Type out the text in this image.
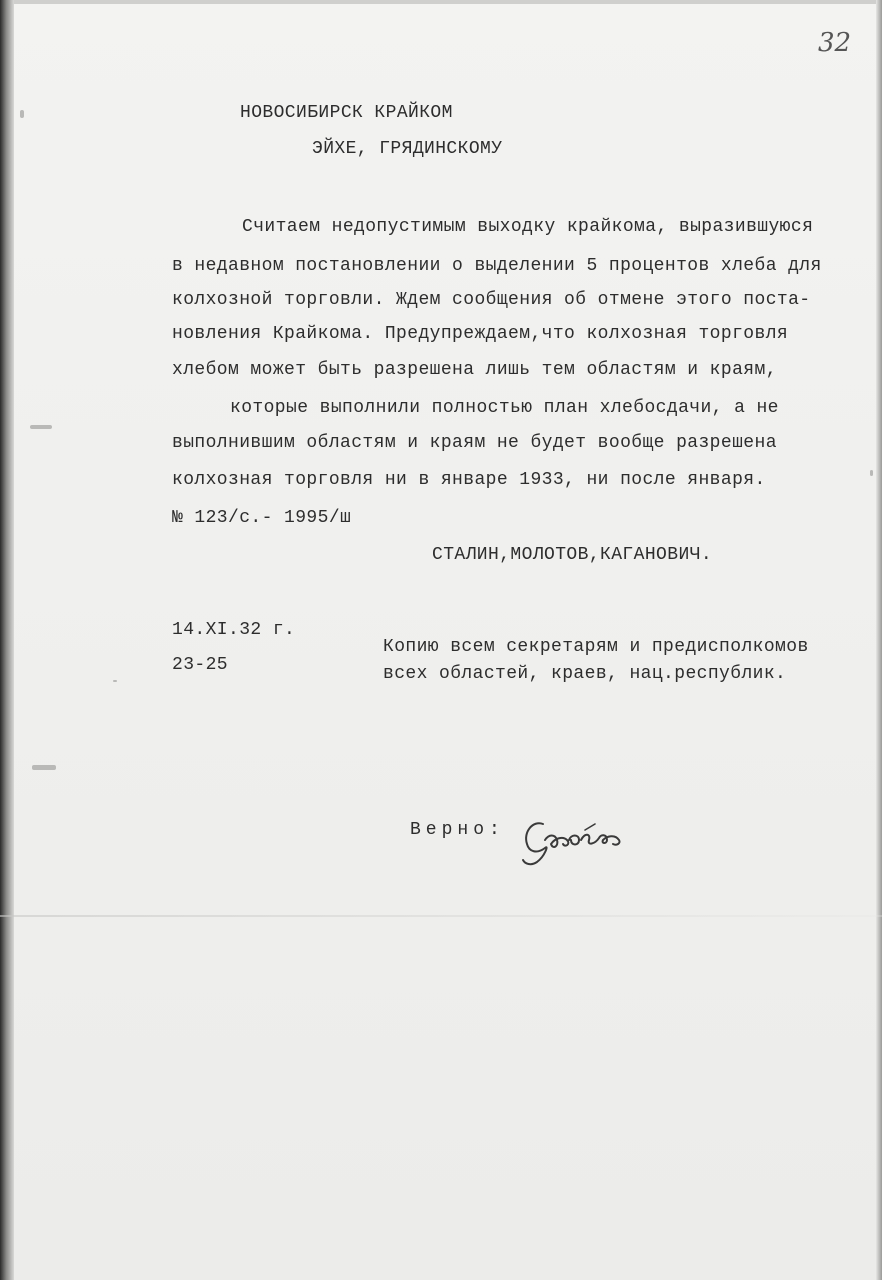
32

НОВОСИБИРСК КРАЙКОМ

ЭЙХЕ, ГРЯДИНСКОМУ

Считаем недопустимым выходку крайкома, выразившуюся

в недавном постановлении о выделении 5 процентов хлеба для

колхозной торговли. Ждем сообщения об отмене этого поста-

новления Крайкома. Предупреждаем,что колхозная торговля

хлебом может быть разрешена лишь тем областям и краям,

которые выполнили полностью план хлебосдачи, а не

выполнившим областям и краям не будет вообще разрешена

колхозная торговля ни в январе 1933, ни после января.

№ 123/с.- 1995/ш

СТАЛИН,МОЛОТОВ,КАГАНОВИЧ.

14.XI.32 г.

23-25

Копию всем секретарям и предисполкомов

всех областей, краев, нац.республик.

Верно:
